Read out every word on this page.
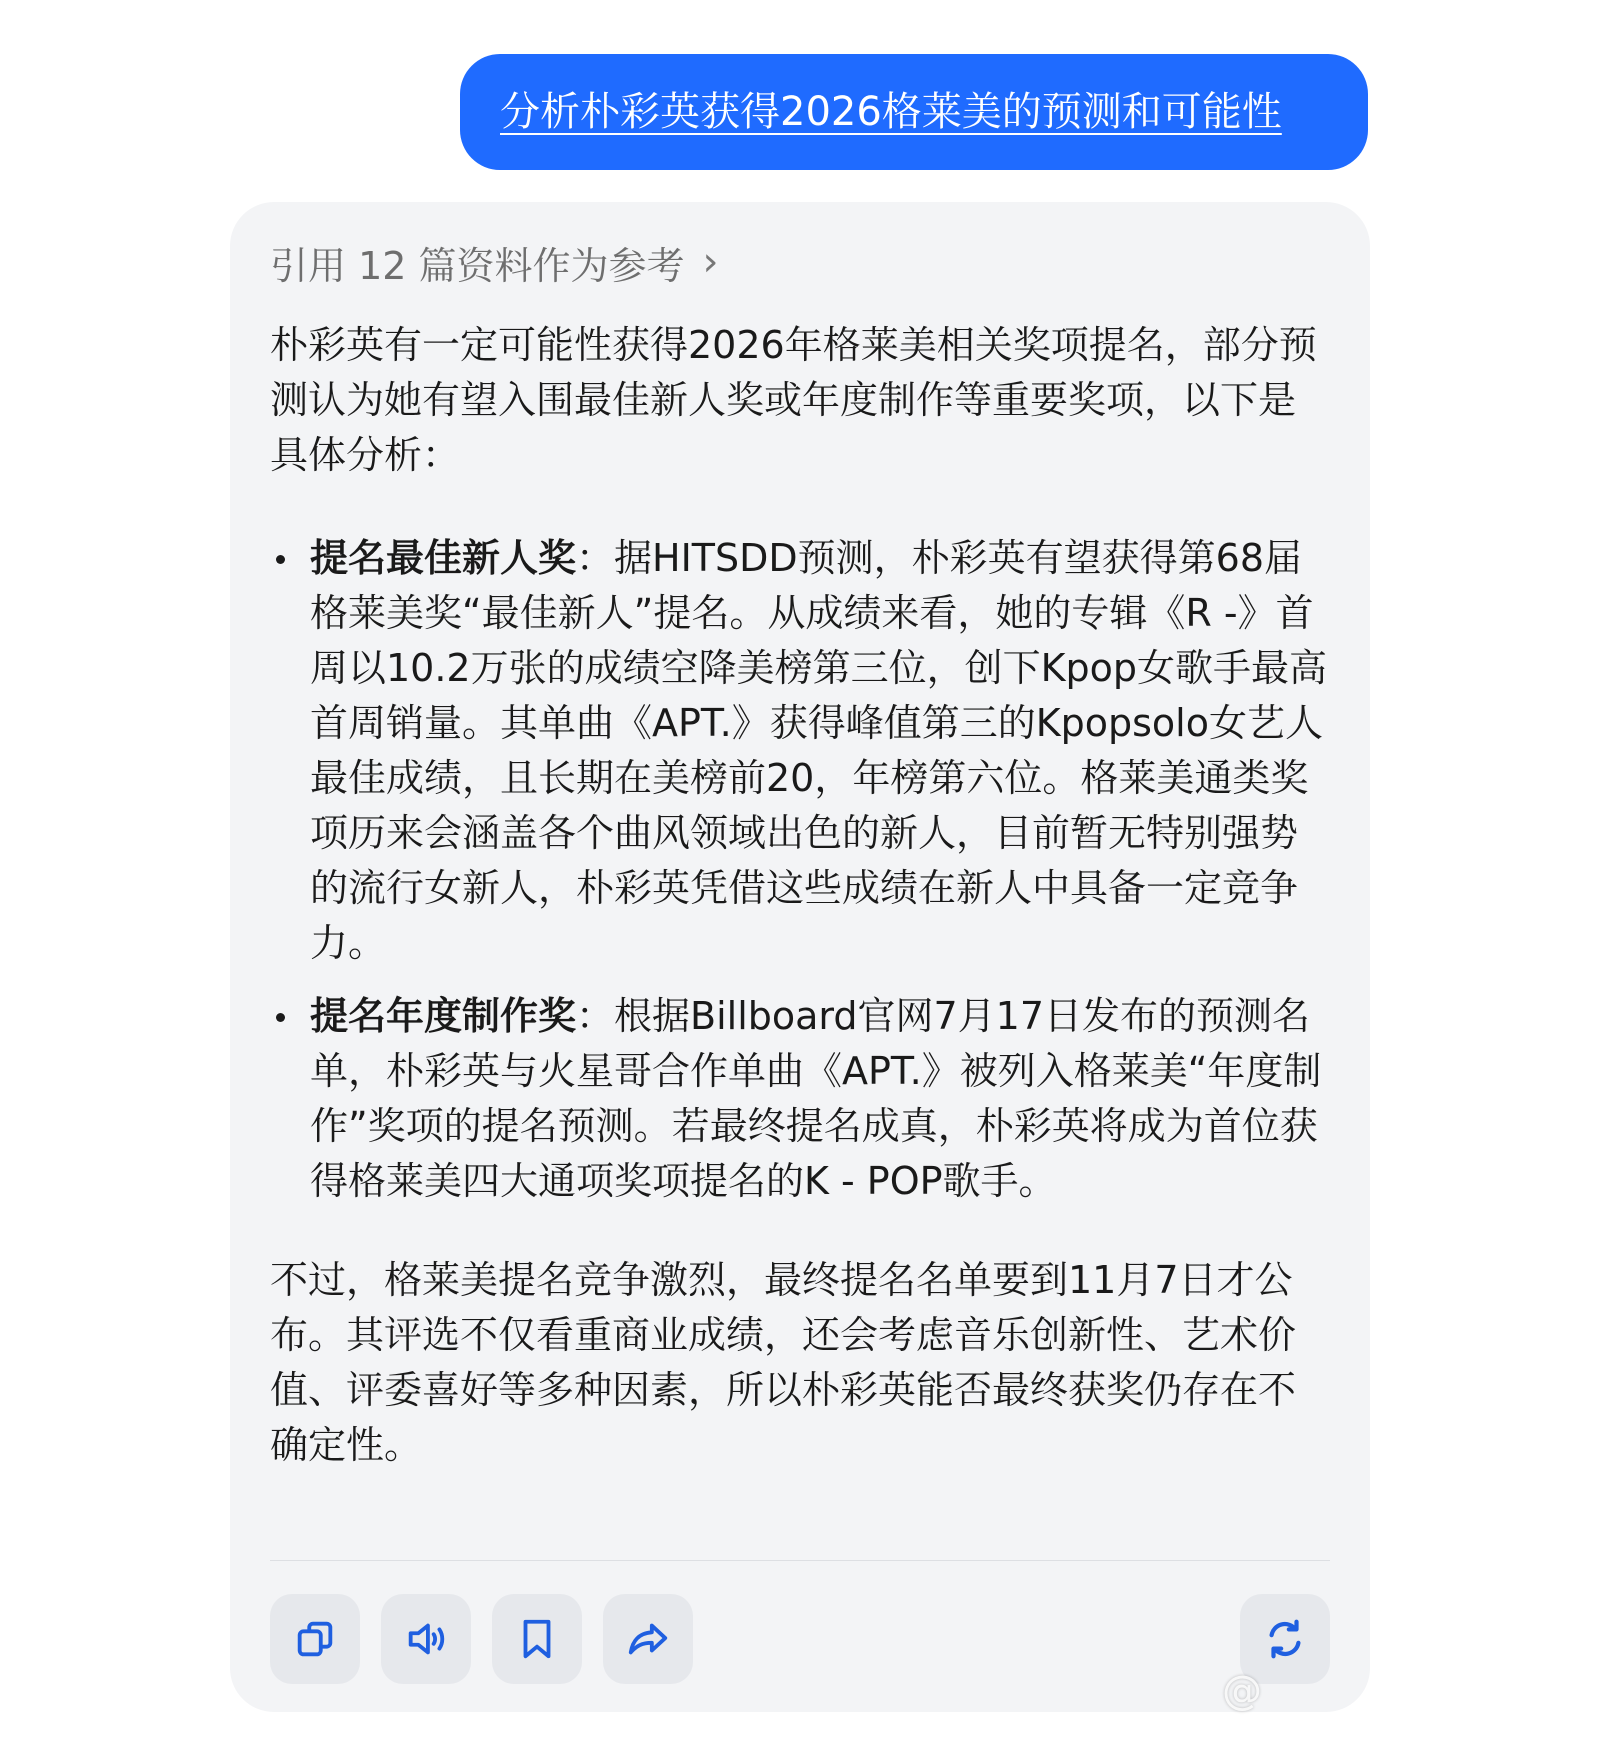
分析朴彩英获得2026格莱美的预测和可能性
引用 12 篇资料作为参考 ›

朴彩英有一定可能性获得2026年格莱美相关奖项提名，部分预测认为她有望入围最佳新人奖或年度制作等重要奖项，以下是具体分析：

提名最佳新人奖：据HITSDD预测，朴彩英有望获得第68届格莱美奖“最佳新人”提名。从成绩来看，她的专辑《R -》首周以10.2万张的成绩空降美榜第三位，创下Kpop女歌手最高首周销量。其单曲《APT.》获得峰值第三的Kpopsolo女艺人最佳成绩，且长期在美榜前20，年榜第六位。格莱美通类奖项历来会涵盖各个曲风领域出色的新人，目前暂无特别强势的流行女新人，朴彩英凭借这些成绩在新人中具备一定竞争力。
提名年度制作奖：根据Billboard官网7月17日发布的预测名单，朴彩英与火星哥合作单曲《APT.》被列入格莱美“年度制作”奖项的提名预测。若最终提名成真，朴彩英将成为首位获得格莱美四大通项奖项提名的K - POP歌手。

不过，格莱美提名竞争激烈，最终提名名单要到11月7日才公布。其评选不仅看重商业成绩，还会考虑音乐创新性、艺术价值、评委喜好等多种因素，所以朴彩英能否最终获奖仍存在不确定性。

@
